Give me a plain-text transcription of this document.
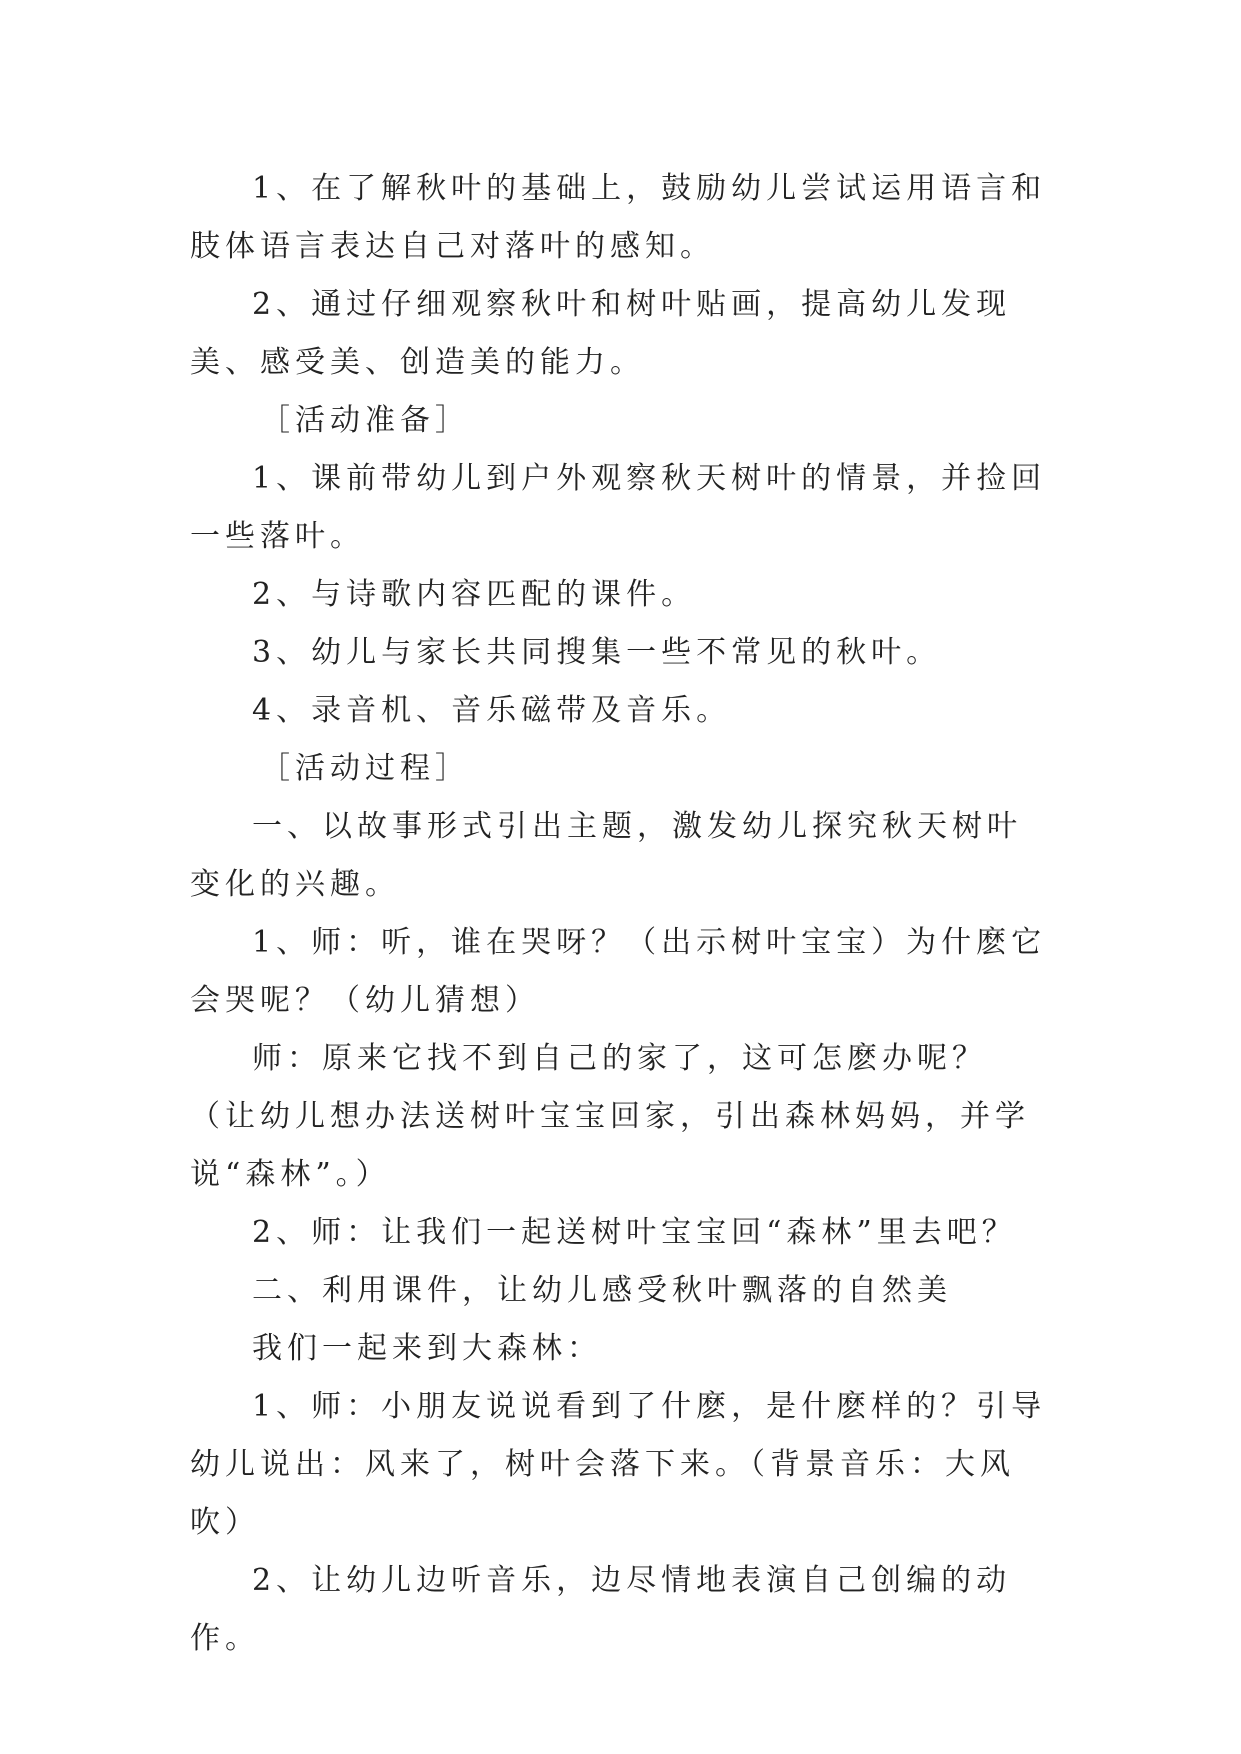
1、在了解秋叶的基础上，鼓励幼儿尝试运用语言和肢体语言表达自己对落叶的感知。

2、通过仔细观察秋叶和树叶贴画，提高幼儿发现美、感受美、创造美的能力。

［活动准备］

1、课前带幼儿到户外观察秋天树叶的情景，并捡回一些落叶。

2、与诗歌内容匹配的课件。

3、幼儿与家长共同搜集一些不常见的秋叶。

4、录音机、音乐磁带及音乐。

［活动过程］

一、以故事形式引出主题，激发幼儿探究秋天树叶变化的兴趣。

1、师：听，谁在哭呀？（出示树叶宝宝）为什麽它会哭呢？（幼儿猜想）

师：原来它找不到自己的家了，这可怎麽办呢？

（让幼儿想办法送树叶宝宝回家，引出森林妈妈，并学说“森林”。）

2、师：让我们一起送树叶宝宝回“森林”里去吧？

二、利用课件，让幼儿感受秋叶飘落的自然美

我们一起来到大森林：

1、师：小朋友说说看到了什麽，是什麽样的？引导幼儿说出：风来了，树叶会落下来。（背景音乐：大风吹）

2、让幼儿边听音乐，边尽情地表演自己创编的动作。
